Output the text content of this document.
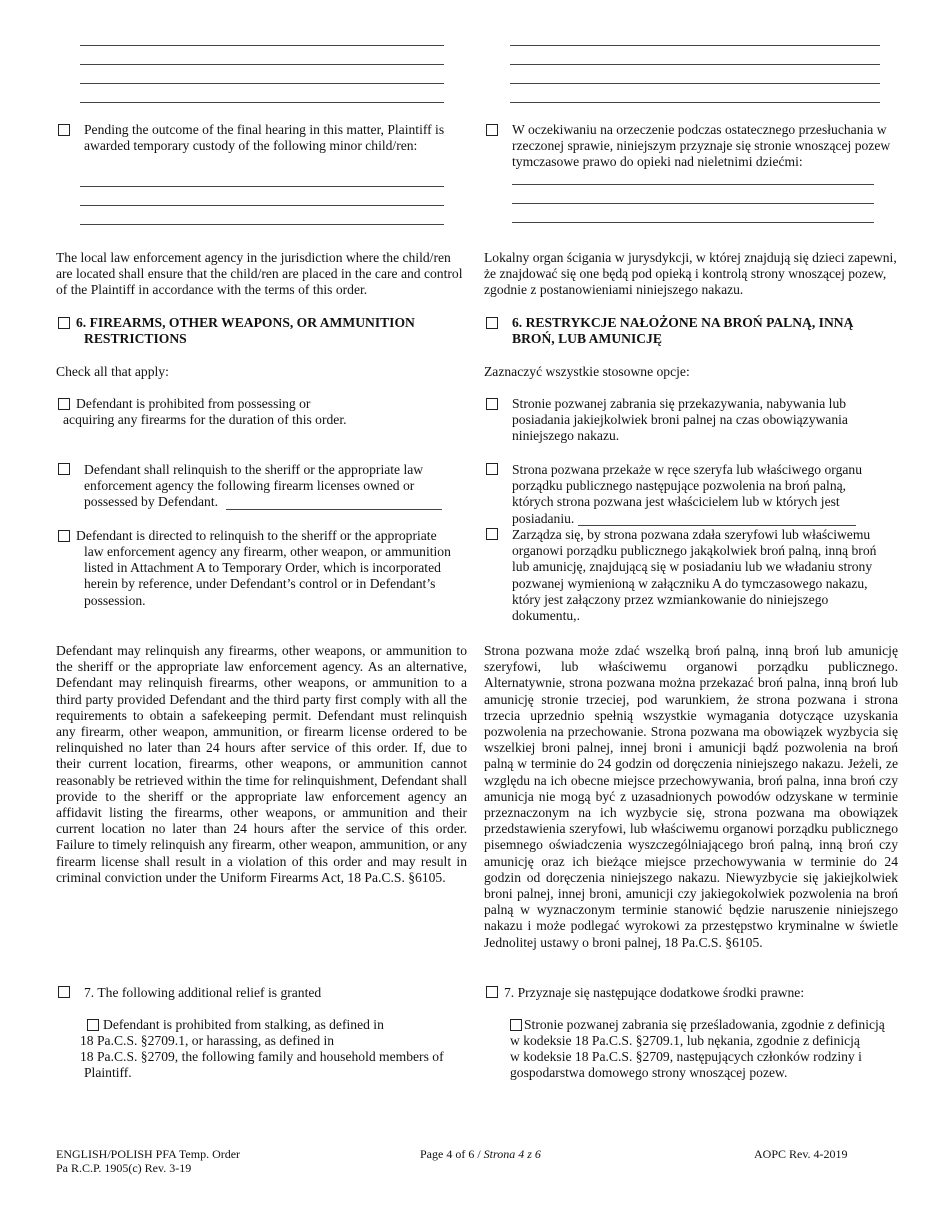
Pending the outcome of the final hearing in this matter, Plaintiff is awarded temporary custody of the following minor child/ren:
W oczekiwaniu na orzeczenie podczas ostatecznego przesłuchania w rzeczonej sprawie, niniejszym przyznaje się stronie wnoszącej pozew tymczasowe prawo do opieki nad nieletnimi dziećmi:
The local law enforcement agency in the jurisdiction where the child/ren are located shall ensure that the child/ren are placed in the care and control of the Plaintiff in accordance with the terms of this order.
Lokalny organ ścigania w jurysdykcji, w której znajdują się dzieci zapewni, że znajdować się one będą pod opieką i kontrolą strony wnoszącej pozew, zgodnie z postanowieniami niniejszego nakazu.
6. FIREARMS, OTHER WEAPONS, OR AMMUNITION
RESTRICTIONS
6. RESTRYKCJE NAŁOŻONE NA BROŃ PALNĄ, INNĄ
BROŃ, LUB AMUNICJĘ
Check all that apply:	Zaznaczyć wszystkie stosowne opcje:
Defendant is prohibited from possessing or
acquiring any firearms for the duration of this order.
Stronie pozwanej zabrania się przekazywania, nabywania lub posiadania jakiejkolwiek broni palnej na czas obowiązywania niniejszego nakazu.
Defendant shall relinquish to the sheriff or the appropriate law enforcement agency the following firearm licenses owned or possessed by Defendant.
Strona pozwana przekaże w ręce szeryfa lub właściwego organu porządku publicznego następujące pozwolenia na broń palną, których strona pozwana jest właścicielem lub w których jest posiadaniu.
Defendant is directed to relinquish to the sheriff or the appropriate
law enforcement agency any firearm, other weapon, or ammunition listed in Attachment A to Temporary Order, which is incorporated herein by reference, under Defendant’s control or in Defendant’s possession.
Zarządza się, by strona pozwana zdała szeryfowi lub właściwemu organowi porządku publicznego jakąkolwiek broń palną, inną broń lub amunicję, znajdującą się w posiadaniu lub we władaniu strony pozwanej wymienioną w załączniku A do tymczasowego nakazu, który jest załączony przez wzmiankowanie do niniejszego dokumentu,.
Defendant may relinquish any firearms, other weapons, or ammunition to the sheriff or the appropriate law enforcement agency. As an alternative, Defendant may relinquish firearms, other weapons, or ammunition to a third party provided Defendant and the third party first comply with all the requirements to obtain a safekeeping permit. Defendant must relinquish any firearm, other weapon, ammunition, or firearm license ordered to be relinquished no later than 24 hours after service of this order. If, due to their current location, firearms, other weapons, or ammunition cannot reasonably be retrieved within the time for relinquishment, Defendant shall provide to the sheriff or the appropriate law enforcement agency an affidavit listing the firearms, other weapons, or ammunition and their current location no later than 24 hours after the service of this order. Failure to timely relinquish any firearm, other weapon, ammunition, or any firearm license shall result in a violation of this order and may result in criminal conviction under the Uniform Firearms Act, 18 Pa.C.S. §6105.
Strona pozwana może zdać wszelką broń palną, inną broń lub amunicję szeryfowi, lub właściwemu organowi porządku publicznego. Alternatywnie, strona pozwana można przekazać broń palna, inną broń lub amunicję stronie trzeciej, pod warunkiem, że strona pozwana i strona trzecia uprzednio spełnią wszystkie wymagania dotyczące uzyskania pozwolenia na przechowanie. Strona pozwana ma obowiązek wyzbycia się wszelkiej broni palnej, innej broni i amunicji bądź pozwolenia na broń palną w terminie do 24 godzin od doręczenia niniejszego nakazu. Jeżeli, ze względu na ich obecne miejsce przechowywania, broń palna, inna broń czy amunicja nie mogą być z uzasadnionych powodów odzyskane w terminie przeznaczonym na ich wyzbycie się, strona pozwana ma obowiązek przedstawienia szeryfowi, lub właściwemu organowi porządku publicznego pisemnego oświadczenia wyszczególniającego broń palną, inną broń czy amunicję oraz ich bieżące miejsce przechowywania w terminie do 24 godzin od doręczenia niniejszego nakazu. Niewyzbycie się jakiejkolwiek broni palnej, innej broni, amunicji czy jakiegokolwiek pozwolenia na broń palną w wyznaczonym terminie stanowić będzie naruszenie niniejszego nakazu i może podlegać wyrokowi za przestępstwo kryminalne w świetle Jednolitej ustawy o broni palnej, 18 Pa.C.S. §6105.
7. The following additional relief is granted	7. Przyznaje się następujące dodatkowe środki prawne:
Defendant is prohibited from stalking, as defined in
18 Pa.C.S. §2709.1, or harassing, as defined in
18 Pa.C.S. §2709, the following family and household members of
Plaintiff.
Stronie pozwanej zabrania się prześladowania, zgodnie z definicją
w kodeksie 18 Pa.C.S. §2709.1, lub nękania, zgodnie z definicją
w kodeksie 18 Pa.C.S. §2709, następujących członków rodziny i
gospodarstwa domowego strony wnoszącej pozew.
ENGLISH/POLISH PFA Temp. Order
Pa R.C.P. 1905(c) Rev. 3-19
Page 4 of 6 / Strona 4 z 6	AOPC Rev. 4-2019
